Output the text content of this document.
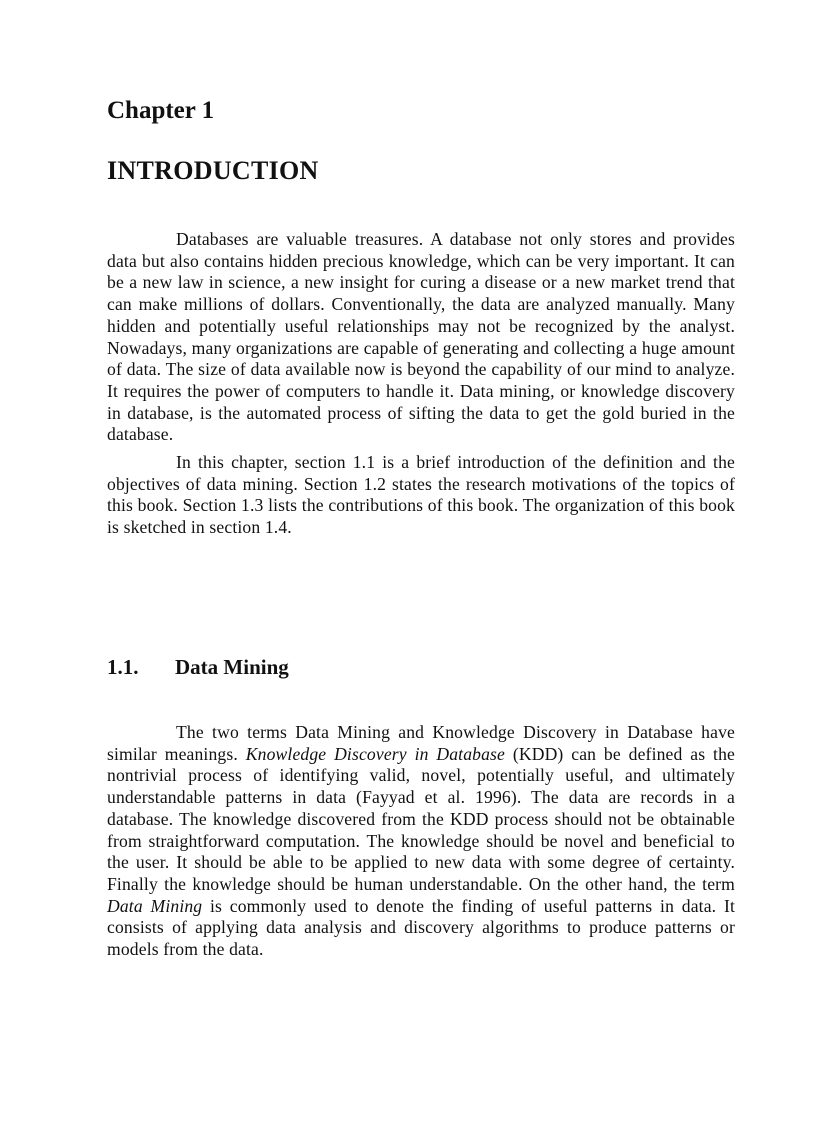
Chapter 1
INTRODUCTION

Databases are valuable treasures. A database not only stores and provides data but also contains hidden precious knowledge, which can be very important. It can be a new law in science, a new insight for curing a disease or a new market trend that can make millions of dollars. Conventionally, the data are analyzed manually. Many hidden and potentially useful relationships may not be recognized by the analyst. Nowadays, many organizations are capable of generating and collecting a huge amount of data. The size of data available now is beyond the capability of our mind to analyze. It requires the power of computers to handle it. Data mining, or knowledge discovery in database, is the automated process of sifting the data to get the gold buried in the database.

In this chapter, section 1.1 is a brief introduction of the definition and the objectives of data mining. Section 1.2 states the research motivations of the topics of this book. Section 1.3 lists the contributions of this book. The organization of this book is sketched in section 1.4.

1.1. Data Mining

The two terms Data Mining and Knowledge Discovery in Database have similar meanings. Knowledge Discovery in Database (KDD) can be defined as the nontrivial process of identifying valid, novel, potentially useful, and ultimately understandable patterns in data (Fayyad et al. 1996). The data are records in a database. The knowledge discovered from the KDD process should not be obtainable from straightforward computation. The knowledge should be novel and beneficial to the user. It should be able to be applied to new data with some degree of certainty. Finally the knowledge should be human understandable. On the other hand, the term Data Mining is commonly used to denote the finding of useful patterns in data. It consists of applying data analysis and discovery algorithms to produce patterns or models from the data.
